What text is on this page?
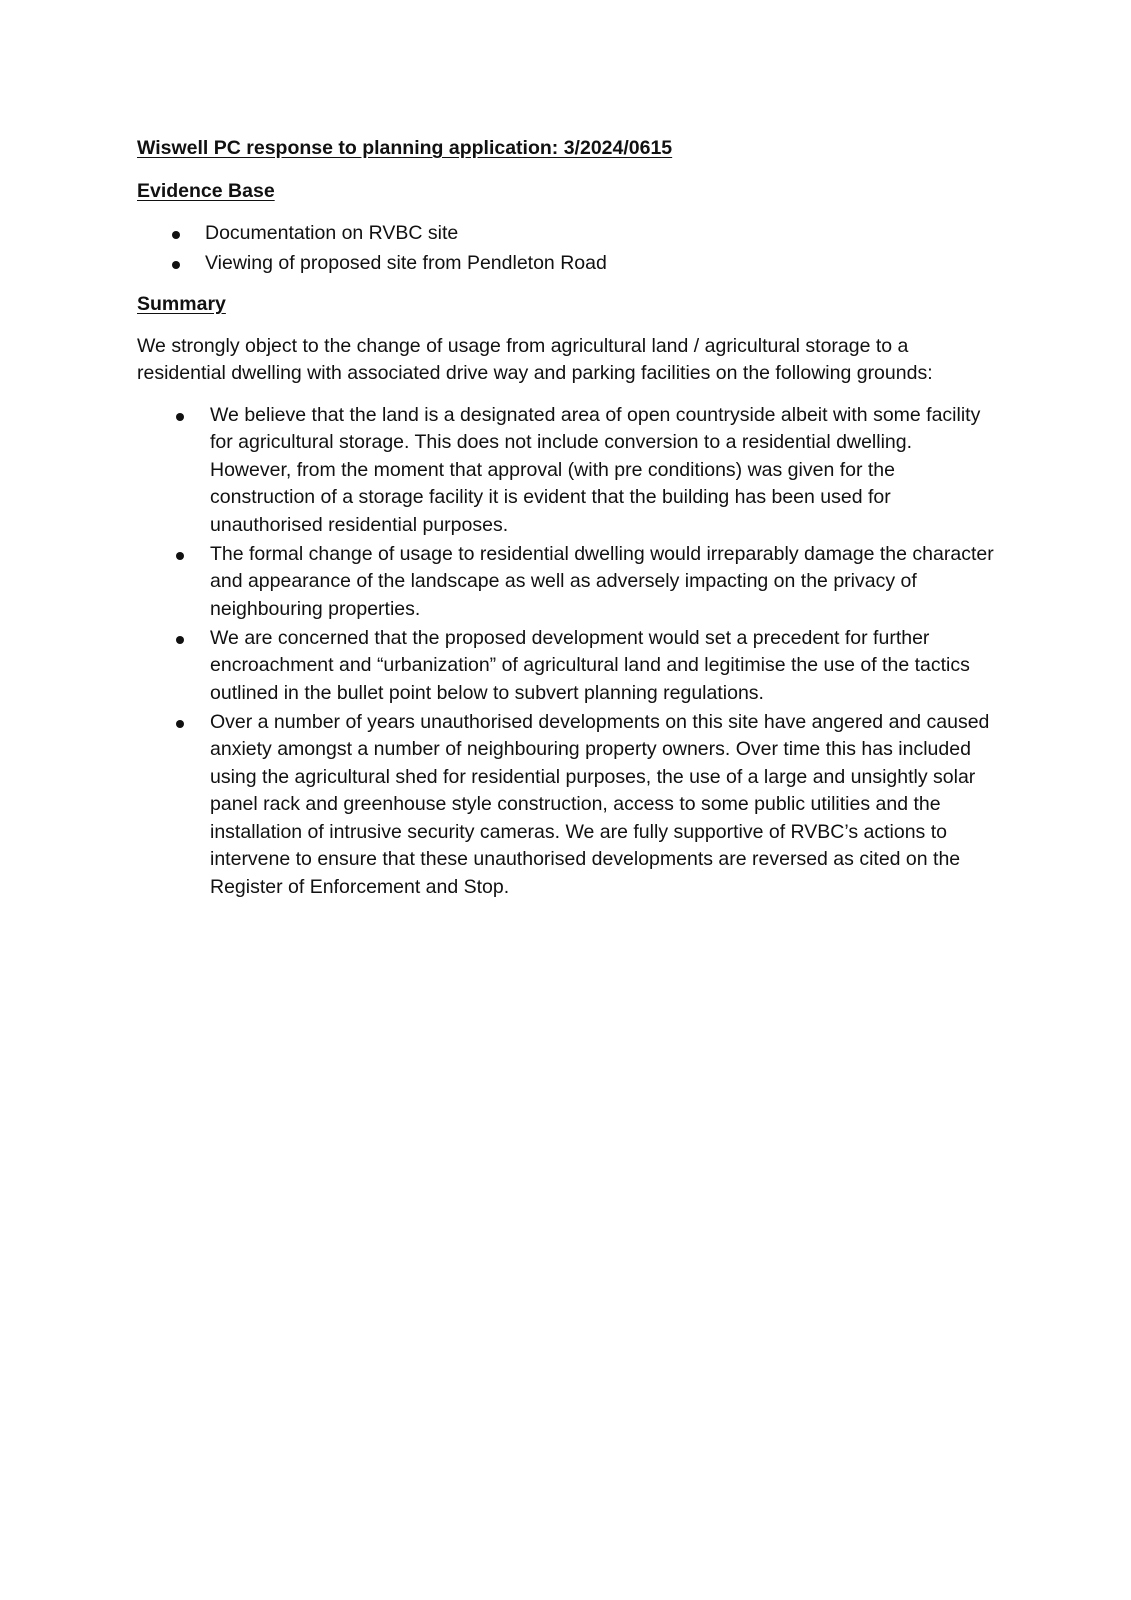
Wiswell PC response to planning application: 3/2024/0615

Evidence Base

Documentation on RVBC site
Viewing of proposed site from Pendleton Road

Summary

We strongly object to the change of usage from agricultural land / agricultural storage to a residential dwelling with associated drive way and parking facilities on the following grounds:

We believe that the land is a designated area of open countryside albeit with some facility for agricultural storage. This does not include conversion to a residential dwelling. However, from the moment that approval (with pre conditions) was given for the construction of a storage facility it is evident that the building has been used for unauthorised residential purposes.
The formal change of usage to residential dwelling would irreparably damage the character and appearance of the landscape as well as adversely impacting on the privacy of neighbouring properties.
We are concerned that the proposed development would set a precedent for further encroachment and “urbanization” of agricultural land and legitimise the use of the tactics outlined in the bullet point below to subvert planning regulations.
Over a number of years unauthorised developments on this site have angered and caused anxiety amongst a number of neighbouring property owners. Over time this has included using the agricultural shed for residential purposes, the use of a large and unsightly solar panel rack and greenhouse style construction, access to some public utilities and the installation of intrusive security cameras. We are fully supportive of RVBC’s actions to intervene to ensure that these unauthorised developments are reversed as cited on the Register of Enforcement and Stop.
